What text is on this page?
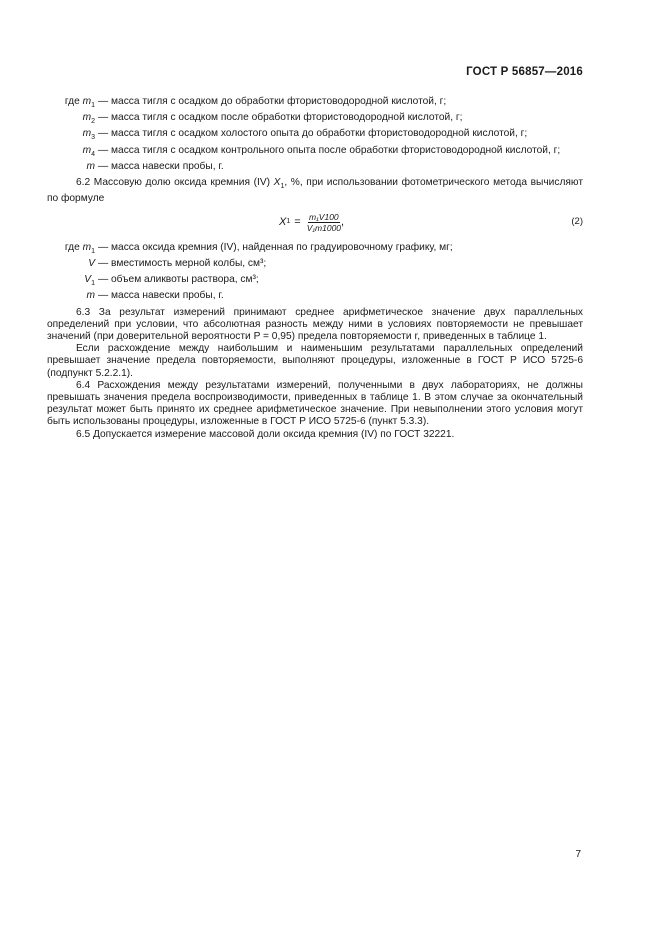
ГОСТ Р 56857—2016
где $m_1$ — масса тигля с осадком до обработки фтористоводородной кислотой, г;
$m_2$ — масса тигля с осадком после обработки фтористоводородной кислотой, г;
$m_3$ — масса тигля с осадком холостого опыта до обработки фтористоводородной кислотой, г;
$m_4$ — масса тигля с осадком контрольного опыта после обработки фтористоводородной кислотой, г;
m — масса навески пробы, г.

6.2 Массовую долю оксида кремния (IV) $X_1$, %, при использовании фотометрического метода вычисляют по формуле

X $1 = \frac{\text{m₁V100}}{\text{V₁m1000}}$ ,	(2)
где $m_1$ — масса оксида кремния (IV), найденная по градуировочному графику, мг;
V — вместимость мерной колбы, см³;
$V_1$ — объем аликвоты раствора, см³;
m — масса навески пробы, г.

6.3 За результат измерений принимают среднее арифметическое значение двух параллельных определений при условии, что абсолютная разность между ними в условиях повторяемости не превышает значений (при доверительной вероятности P = 0,95) предела повторяемости r, приведенных в таблице 1.

Если расхождение между наибольшим и наименьшим результатами параллельных определений превышает значение предела повторяемости, выполняют процедуры, изложенные в ГОСТ Р ИСО 5725-6 (подпункт 5.2.2.1).

6.4 Расхождения между результатами измерений, полученными в двух лабораториях, не должны превышать значения предела воспроизводимости, приведенных в таблице 1. В этом случае за окончательный результат может быть принято их среднее арифметическое значение. При невыполнении этого условия могут быть использованы процедуры, изложенные в ГОСТ Р ИСО 5725-6 (пункт 5.3.3).

6.5 Допускается измерение массовой доли оксида кремния (IV) по ГОСТ 32221.

7
